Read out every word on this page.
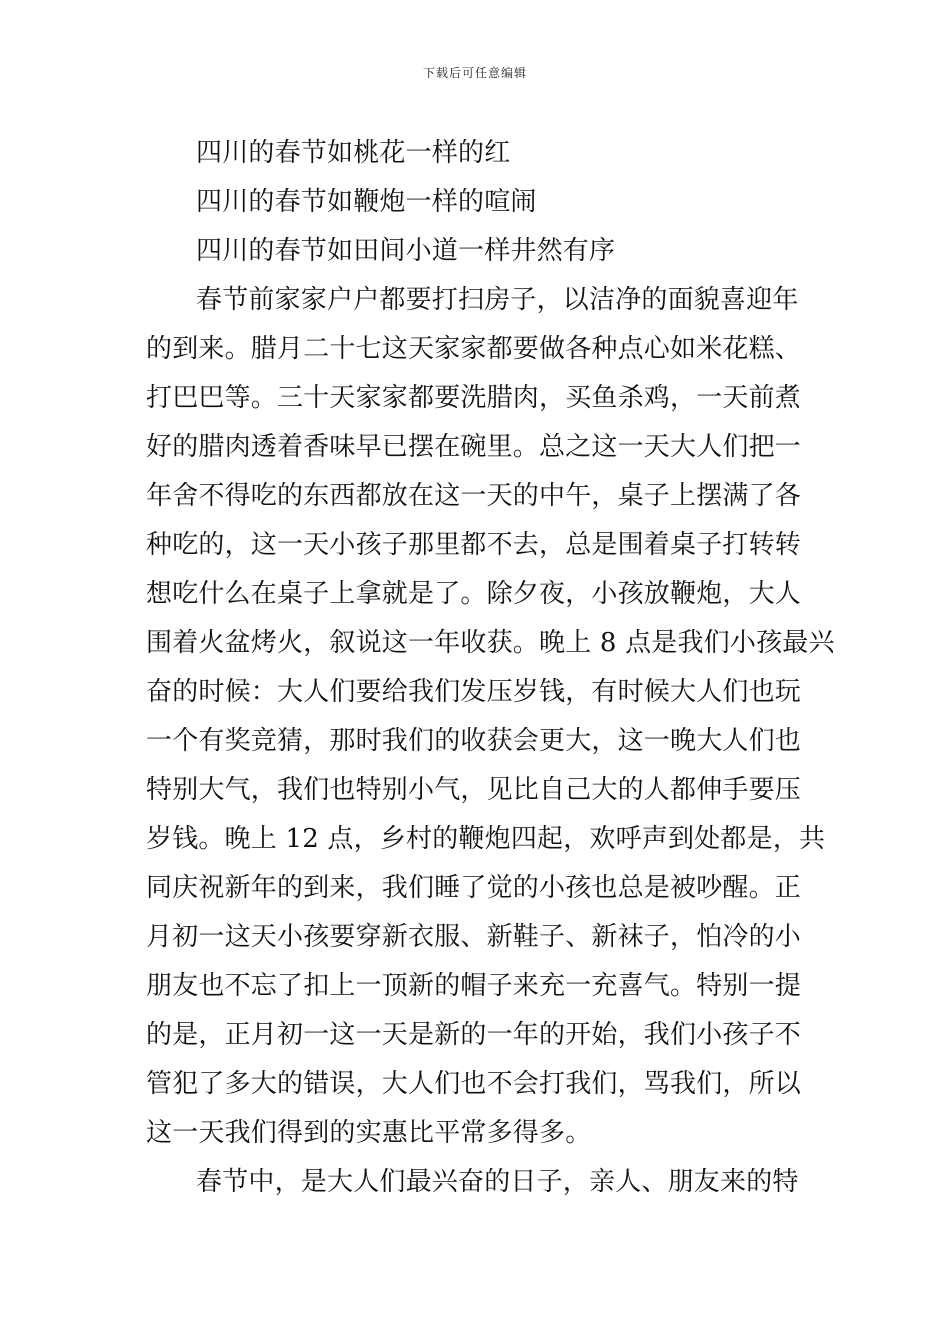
下载后可任意编辑
四川的春节如桃花一样的红
四川的春节如鞭炮一样的喧闹
四川的春节如田间小道一样井然有序
春节前家家户户都要打扫房子，以洁净的面貌喜迎年
的到来。腊月二十七这天家家都要做各种点心如米花糕、
打巴巴等。三十天家家都要洗腊肉，买鱼杀鸡，一天前煮
好的腊肉透着香味早已摆在碗里。总之这一天大人们把一
年舍不得吃的东西都放在这一天的中午，桌子上摆满了各
种吃的，这一天小孩子那里都不去，总是围着桌子打转转
想吃什么在桌子上拿就是了。除夕夜，小孩放鞭炮，大人
围着火盆烤火，叙说这一年收获。晚上 8 点是我们小孩最兴
奋的时候：大人们要给我们发压岁钱，有时候大人们也玩
一个有奖竞猜，那时我们的收获会更大，这一晚大人们也
特别大气，我们也特别小气，见比自己大的人都伸手要压
岁钱。晚上 12 点，乡村的鞭炮四起，欢呼声到处都是，共
同庆祝新年的到来，我们睡了觉的小孩也总是被吵醒。正
月初一这天小孩要穿新衣服、新鞋子、新袜子，怕冷的小
朋友也不忘了扣上一顶新的帽子来充一充喜气。特别一提
的是，正月初一这一天是新的一年的开始，我们小孩子不
管犯了多大的错误，大人们也不会打我们，骂我们，所以
这一天我们得到的实惠比平常多得多。
春节中，是大人们最兴奋的日子，亲人、朋友来的特
